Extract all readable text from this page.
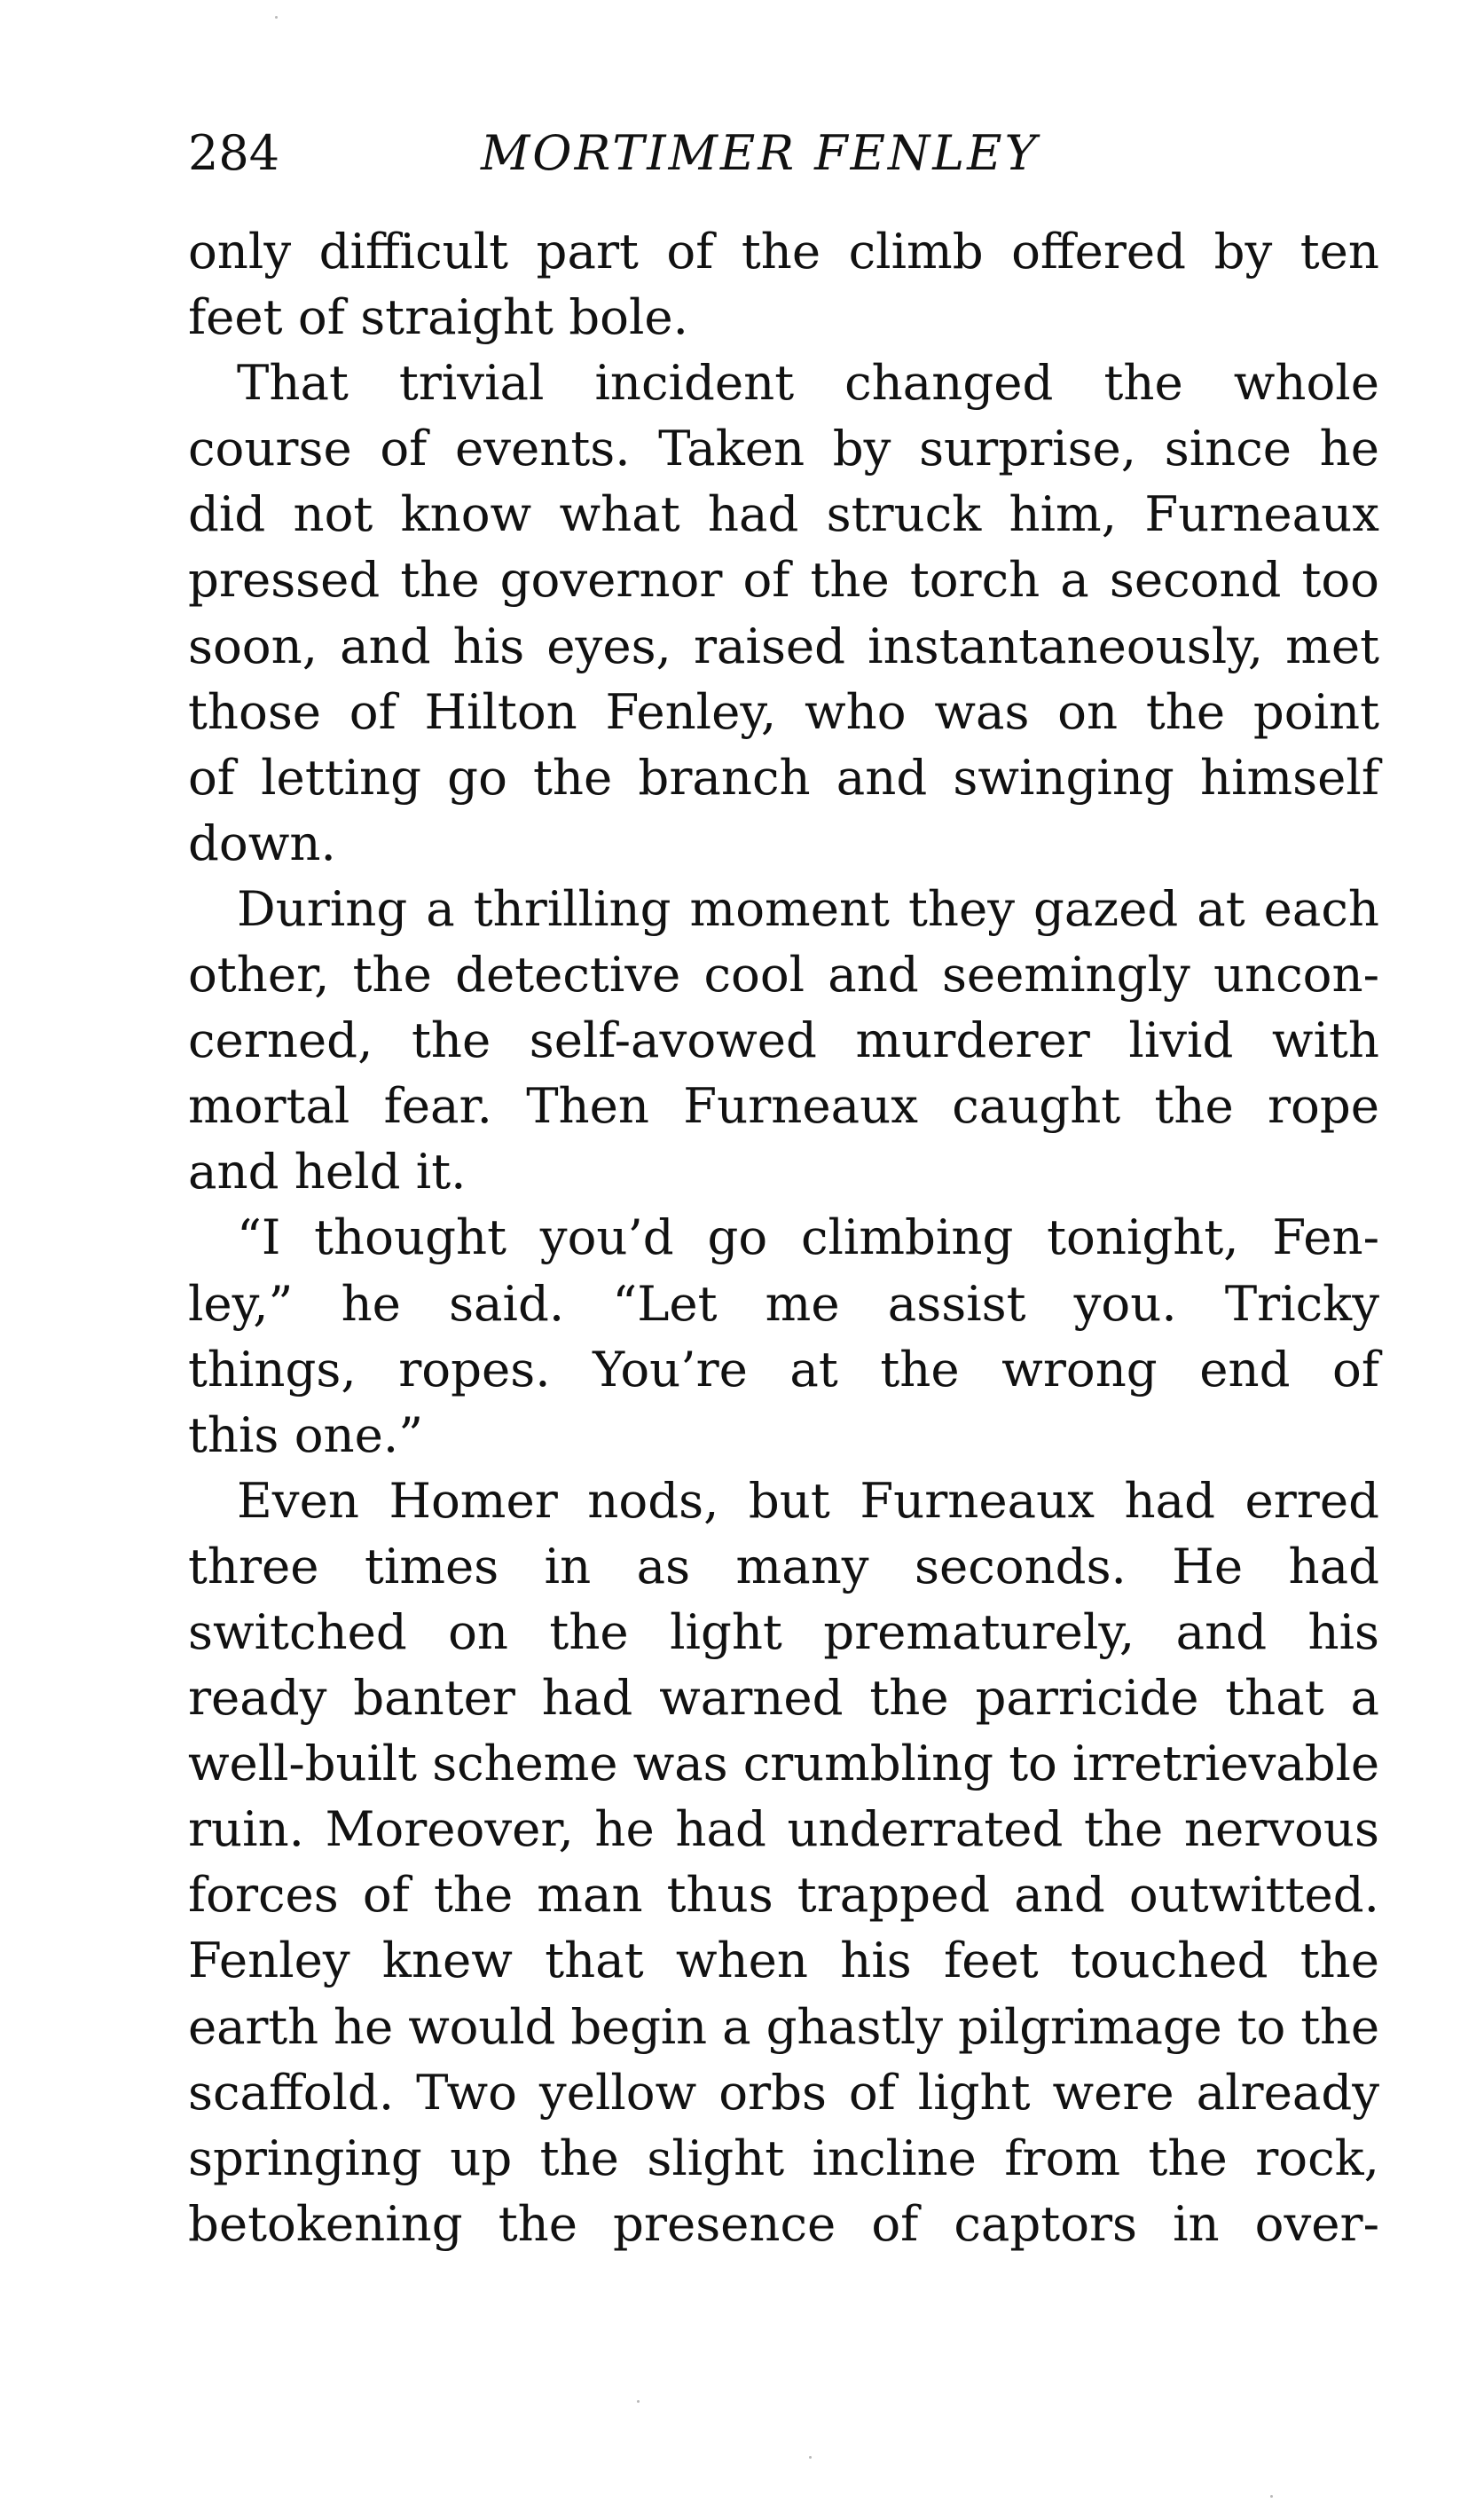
284	MORTIMER FENLEY
only difficult part of the climb offered by ten
feet of straight bole.
That trivial incident changed the whole
course of events. Taken by surprise, since he
did not know what had struck him, Furneaux
pressed the governor of the torch a second too
soon, and his eyes, raised instantaneously, met
those of Hilton Fenley, who was on the point
of letting go the branch and swinging himself
down.
During a thrilling moment they gazed at each
other, the detective cool and seemingly uncon-
cerned, the self-avowed murderer livid with
mortal fear. Then Furneaux caught the rope
and held it.
“I thought you’d go climbing tonight, Fen-
ley,” he said. “Let me assist you. Tricky
things, ropes. You’re at the wrong end of
this one.”
Even Homer nods, but Furneaux had erred
three times in as many seconds. He had
switched on the light prematurely, and his
ready banter had warned the parricide that a
well-built scheme was crumbling to irretrievable
ruin. Moreover, he had underrated the nervous
forces of the man thus trapped and outwitted.
Fenley knew that when his feet touched the
earth he would begin a ghastly pilgrimage to the
scaffold. Two yellow orbs of light were already
springing up the slight incline from the rock,
betokening the presence of captors in over-
